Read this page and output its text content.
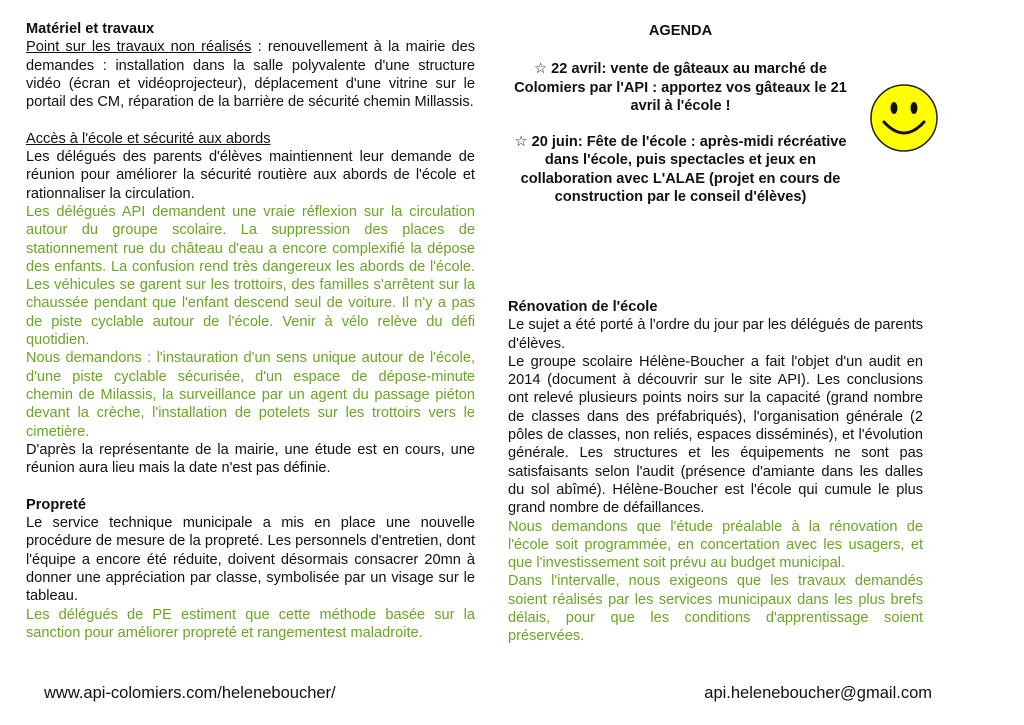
Matériel et travaux

Point sur les travaux non réalisés : renouvellement à la mairie des demandes : installation dans la salle polyvalente d'une structure vidéo (écran et vidéoprojecteur), déplacement d'une vitrine sur le portail des CM, réparation de la barrière de sécurité chemin Millassis.

Accès à l'école et sécurité aux abords

Les délégués des parents d'élèves maintiennent leur demande de réunion pour améliorer la sécurité routière aux abords de l'école et rationnaliser la circulation.

Les délégués API demandent une vraie réflexion sur la circulation autour du groupe scolaire. La suppression des places de stationnement rue du château d'eau a encore complexifié la dépose des enfants. La confusion rend très dangereux les abords de l'école. Les véhicules se garent sur les trottoirs, des familles s'arrêtent sur la chaussée pendant que l'enfant descend seul de voiture. Il n'y a pas de piste cyclable autour de l'école. Venir à vélo relève du défi quotidien.

Nous demandons : l'instauration d'un sens unique autour de l'école, d'une piste cyclable sécurisée, d'un espace de dépose-minute chemin de Milassis, la surveillance par un agent du passage piéton devant la crèche, l'installation de potelets sur les trottoirs vers le cimetière.

D'après la représentante de la mairie, une étude est en cours, une réunion aura lieu mais la date n'est pas définie.

Propreté

Le service technique municipale a mis en place une nouvelle procédure de mesure de la propreté. Les personnels d'entretien, dont l'équipe a encore été réduite, doivent désormais consacrer 20mn à donner une appréciation par classe, symbolisée par un visage sur le tableau.

Les délégués de PE estiment que cette méthode basée sur la sanction pour améliorer propreté et rangementest maladroite.

AGENDA
☆ 22 avril: vente de gâteaux au marché de Colomiers par l'API : apportez vos gâteaux le 21 avril à l'école !
☆ 20 juin: Fête de l'école : après-midi récréative dans l'école, puis spectacles et jeux en collaboration avec L'ALAE (projet en cours de construction par le conseil d'élèves)

Rénovation de l'école

Le sujet a été porté à l'ordre du jour par les délégués de parents d'élèves.

Le groupe scolaire Hélène-Boucher a fait l'objet d'un audit en 2014 (document à découvrir sur le site API). Les conclusions ont relevé plusieurs points noirs sur la capacité (grand nombre de classes dans des préfabriqués), l'organisation générale (2 pôles de classes, non reliés, espaces disséminés), et l'évolution générale. Les structures et les équipements ne sont pas satisfaisants selon l'audit (présence d'amiante dans les dalles du sol abîmé). Hélène-Boucher est l'école qui cumule le plus grand nombre de défaillances.

Nous demandons que l'étude préalable à la rénovation de l'école soit programmée, en concertation avec les usagers, et que l'investissement soit prévu au budget municipal.

Dans l'intervalle, nous exigeons que les travaux demandés soient réalisés par les services municipaux dans les plus brefs délais, pour que les conditions d'apprentissage soient préservées.

www.api-colomiers.com/heleneboucher/	api.heleneboucher@gmail.com
